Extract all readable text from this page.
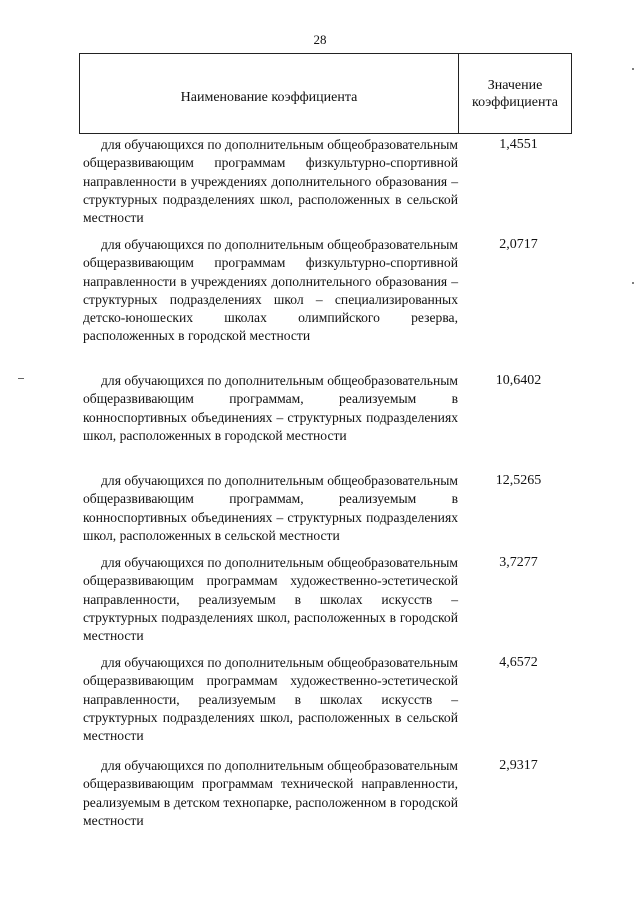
28
Наименование коэффициента
Значение
коэффициента
для обучающихся по дополнительным общеобразовательным общеразвивающим программам физкультурно-спортивной направленности в учреждениях дополнительного образования – структурных подразделениях школ, расположенных в сельской местности
1,4551
для обучающихся по дополнительным общеобразовательным общеразвивающим программам физкультурно-спортивной направленности в учреждениях дополнительного образования – структурных подразделениях школ – специализированных детско-юношеских школах олимпийского резерва, расположенных в городской местности
2,0717
для обучающихся по дополнительным общеобразовательным общеразвивающим программам, реализуемым в конноспортивных объединениях – структурных подразделениях школ, расположенных в городской местности
10,6402
для обучающихся по дополнительным общеобразовательным общеразвивающим программам, реализуемым в конноспортивных объединениях – структурных подразделениях школ, расположенных в сельской местности
12,5265
для обучающихся по дополнительным общеобразовательным общеразвивающим программам художественно-эстетической направленности, реализуемым в школах искусств – структурных подразделениях школ, расположенных в городской местности
3,7277
для обучающихся по дополнительным общеобразовательным общеразвивающим программам художественно-эстетической направленности, реализуемым в школах искусств – структурных подразделениях школ, расположенных в сельской местности
4,6572
для обучающихся по дополнительным общеобразовательным общеразвивающим программам технической направленности, реализуемым в детском технопарке, расположенном в городской местности
2,9317
